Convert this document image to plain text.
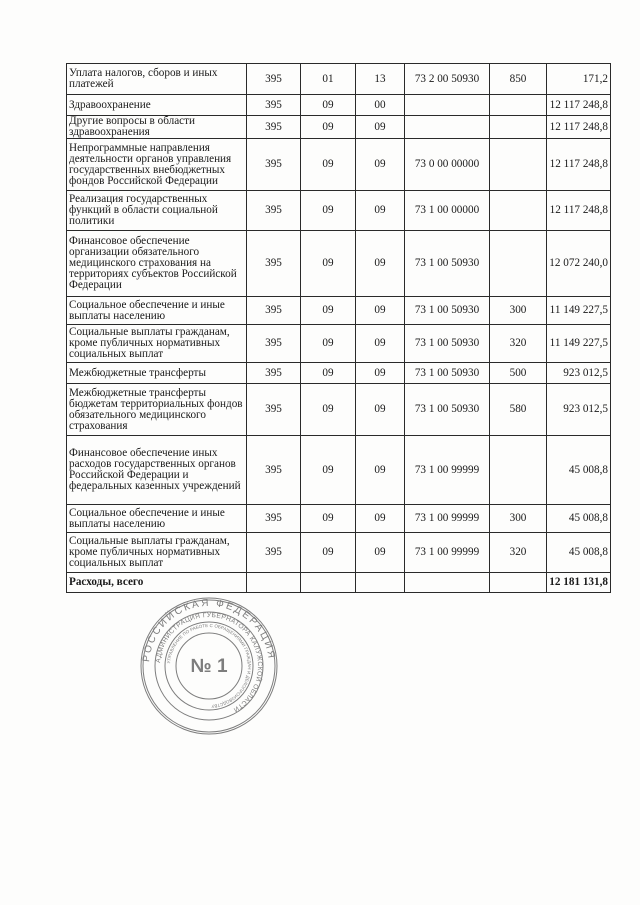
Уплата налогов, сборов и иных платежей	395	01	13	73 2 00 50930	850	171,2
Здравоохранение	395	09	00			12 117 248,8
Другие вопросы в области здравоохранения	395	09	09			12 117 248,8
Непрограммные направления деятельности органов управления государственных внебюджетных фондов Российской Федерации	395	09	09	73 0 00 00000		12 117 248,8
Реализация государственных функций в области социальной политики	395	09	09	73 1 00 00000		12 117 248,8
Финансовое обеспечение организации обязательного медицинского страхования на территориях субъектов Российской Федерации	395	09	09	73 1 00 50930		12 072 240,0
Социальное обеспечение и иные выплаты населению	395	09	09	73 1 00 50930	300	11 149 227,5
Социальные выплаты гражданам, кроме публичных нормативных социальных выплат	395	09	09	73 1 00 50930	320	11 149 227,5
Межбюджетные трансферты	395	09	09	73 1 00 50930	500	923 012,5
Межбюджетные трансферты бюджетам территориальных фондов обязательного медицинского страхования	395	09	09	73 1 00 50930	580	923 012,5
Финансовое обеспечение иных расходов государственных органов Российской Федерации и федеральных казенных учреждений	395	09	09	73 1 00 99999		45 008,8
Социальное обеспечение и иные выплаты населению	395	09	09	73 1 00 99999	300	45 008,8
Социальные выплаты гражданам, кроме публичных нормативных социальных выплат	395	09	09	73 1 00 99999	320	45 008,8
Расходы, всего						12 181 131,8
РОССИЙСКАЯ ФЕДЕРАЦИЯ
АДМИНИСТРАЦИЯ ГУБЕРНАТОРА КАЛУЖСКОЙ ОБЛАСТИ
УПРАВЛЕНИЕ ПО РАБОТЕ С ОБРАЩЕНИЯМИ ГРАЖДАН И ДЕЛОПРОИЗВОДСТВУ
№ 1
